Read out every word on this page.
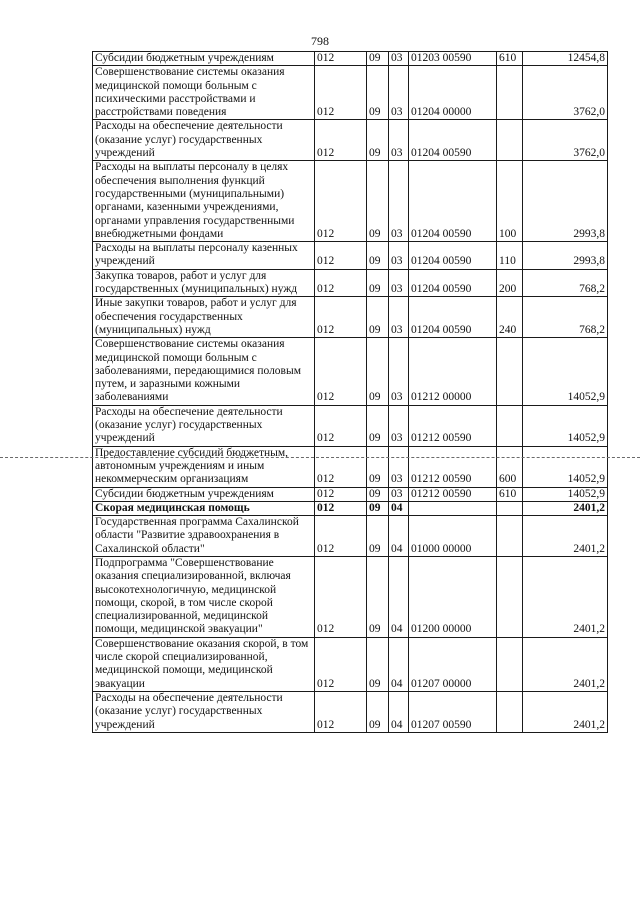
798
Субсидии бюджетным учреждениям	012	09	03	01203 00590	610	12454,8
Совершенствование системы оказания медицинской помощи больным с психическими расстройствами и расстройствами поведения	012	09	03	01204 00000		3762,0
Расходы на обеспечение деятельности (оказание услуг) государственных учреждений	012	09	03	01204 00590		3762,0
Расходы на выплаты персоналу в целях обеспечения выполнения функций государственными (муниципальными) органами, казенными учреждениями, органами управления государственными внебюджетными фондами	012	09	03	01204 00590	100	2993,8
Расходы на выплаты персоналу казенных учреждений	012	09	03	01204 00590	110	2993,8
Закупка товаров, работ и услуг для государственных (муниципальных) нужд	012	09	03	01204 00590	200	768,2
Иные закупки товаров, работ и услуг для обеспечения государственных (муниципальных) нужд	012	09	03	01204 00590	240	768,2
Совершенствование системы оказания медицинской помощи больным с заболеваниями, передающимися половым путем, и заразными кожными заболеваниями	012	09	03	01212 00000		14052,9
Расходы на обеспечение деятельности (оказание услуг) государственных учреждений	012	09	03	01212 00590		14052,9
Предоставление субсидий бюджетным, автономным учреждениям и иным некоммерческим организациям	012	09	03	01212 00590	600	14052,9
Субсидии бюджетным учреждениям	012	09	03	01212 00590	610	14052,9
Скорая медицинская помощь	012	09	04			2401,2
Государственная программа Сахалинской области "Развитие здравоохранения в Сахалинской области"	012	09	04	01000 00000		2401,2
Подпрограмма "Совершенствование оказания специализированной, включая высокотехнологичную, медицинской помощи, скорой, в том числе скорой специализированной, медицинской помощи, медицинской эвакуации"	012	09	04	01200 00000		2401,2
Совершенствование оказания скорой, в том числе скорой специализированной, медицинской помощи, медицинской эвакуации	012	09	04	01207 00000		2401,2
Расходы на обеспечение деятельности (оказание услуг) государственных учреждений	012	09	04	01207 00590		2401,2
